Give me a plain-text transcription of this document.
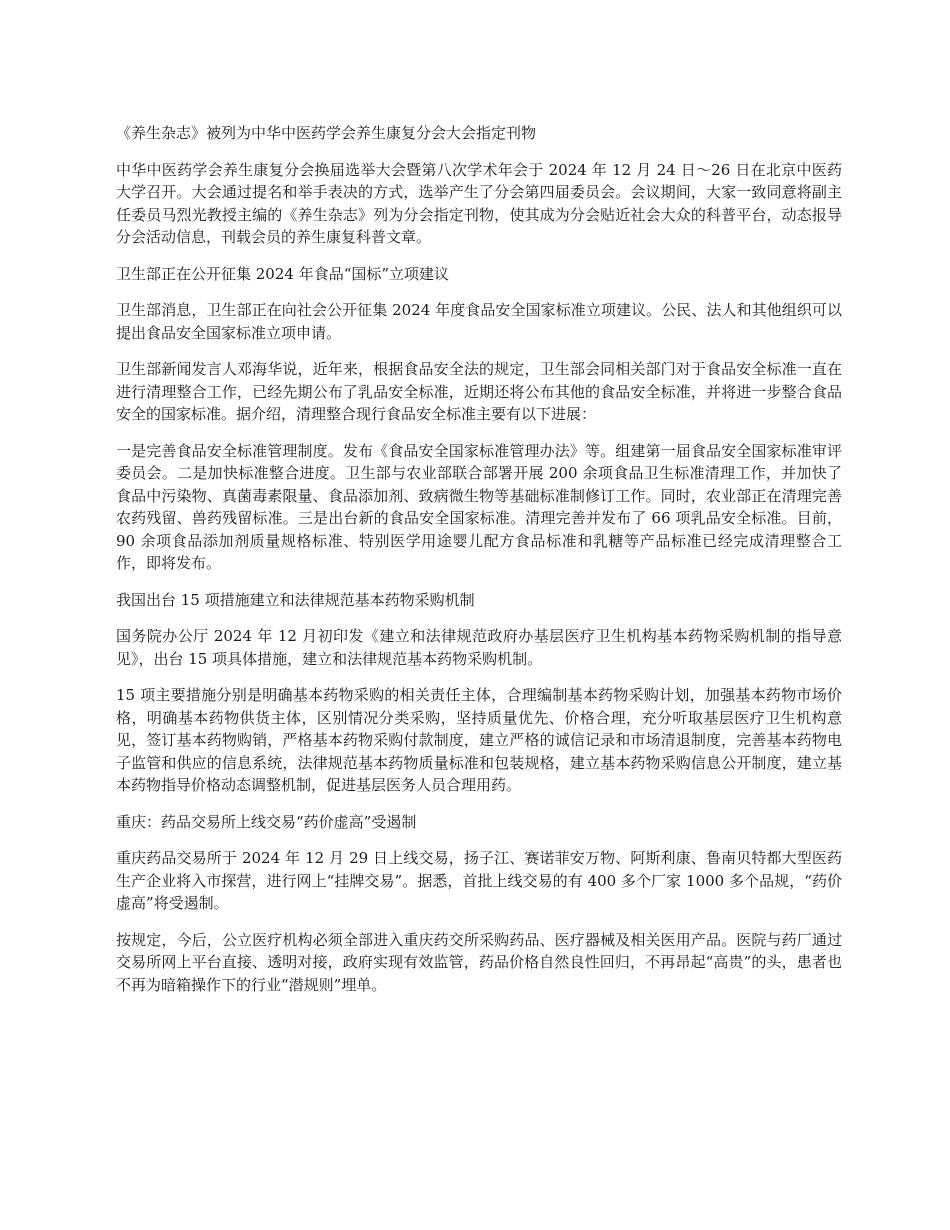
《养生杂志》被列为中华中医药学会养生康复分会大会指定刊物

中华中医药学会养生康复分会换届选举大会暨第八次学术年会于 2024 年 12 月 24 日～26 日在北京中医药大学召开。大会通过提名和举手表决的方式，选举产生了分会第四届委员会。会议期间，大家一致同意将副主任委员马烈光教授主编的《养生杂志》列为分会指定刊物，使其成为分会贴近社会大众的科普平台，动态报导分会活动信息，刊载会员的养生康复科普文章。

卫生部正在公开征集 2024 年食品“国标”立项建议

卫生部消息，卫生部正在向社会公开征集 2024 年度食品安全国家标准立项建议。公民、法人和其他组织可以提出食品安全国家标准立项申请。

卫生部新闻发言人邓海华说，近年来，根据食品安全法的规定，卫生部会同相关部门对于食品安全标准一直在进行清理整合工作，已经先期公布了乳品安全标准，近期还将公布其他的食品安全标准，并将进一步整合食品安全的国家标准。据介绍，清理整合现行食品安全标准主要有以下进展：

一是完善食品安全标准管理制度。发布《食品安全国家标准管理办法》等。组建第一届食品安全国家标准审评委员会。二是加快标准整合进度。卫生部与农业部联合部署开展 200 余项食品卫生标准清理工作，并加快了食品中污染物、真菌毒素限量、食品添加剂、致病微生物等基础标准制修订工作。同时，农业部正在清理完善农药残留、兽药残留标准。三是出台新的食品安全国家标准。清理完善并发布了 66 项乳品安全标准。目前，90 余项食品添加剂质量规格标准、特别医学用途婴儿配方食品标准和乳糖等产品标准已经完成清理整合工作，即将发布。

我国出台 15 项措施建立和法律规范基本药物采购机制

国务院办公厅 2024 年 12 月初印发《建立和法律规范政府办基层医疗卫生机构基本药物采购机制的指导意见》，出台 15 项具体措施，建立和法律规范基本药物采购机制。

15 项主要措施分别是明确基本药物采购的相关责任主体，合理编制基本药物采购计划，加强基本药物市场价格，明确基本药物供货主体，区别情况分类采购，坚持质量优先、价格合理，充分听取基层医疗卫生机构意见，签订基本药物购销，严格基本药物采购付款制度，建立严格的诚信记录和市场清退制度，完善基本药物电子监管和供应的信息系统，法律规范基本药物质量标准和包装规格，建立基本药物采购信息公开制度，建立基本药物指导价格动态调整机制，促进基层医务人员合理用药。

重庆：药品交易所上线交易“药价虚高”受遏制

重庆药品交易所于 2024 年 12 月 29 日上线交易，扬子江、赛诺菲安万物、阿斯利康、鲁南贝特都大型医药生产企业将入市探营，进行网上“挂牌交易”。据悉，首批上线交易的有 400 多个厂家 1000 多个品规，“药价虚高”将受遏制。

按规定，今后，公立医疗机构必须全部进入重庆药交所采购药品、医疗器械及相关医用产品。医院与药厂通过交易所网上平台直接、透明对接，政府实现有效监管，药品价格自然良性回归，不再昂起“高贵”的头，患者也不再为暗箱操作下的行业“潜规则”埋单。
